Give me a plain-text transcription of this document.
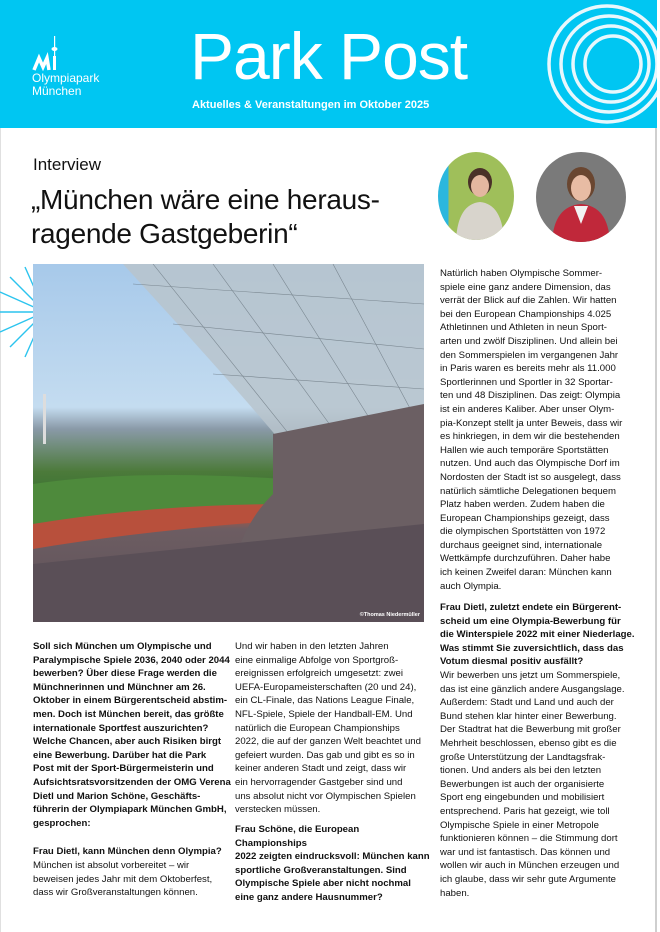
Olympiapark
München Park Post
Aktuelles & Veranstaltungen im Oktober 2025
Interview
„München wäre eine heraus-
ragende Gastgeberin“
©Thomas Niedermüller
Natürlich haben Olympische Sommer-
spiele eine ganz andere Dimension, das
verrät der Blick auf die Zahlen. Wir hatten
bei den European Championships 4.025
Athletinnen und Athleten in neun Sport-
arten und zwölf Disziplinen. Und allein bei
den Sommerspielen im vergangenen Jahr
in Paris waren es bereits mehr als 11.000
Sportlerinnen und Sportler in 32 Sportar-
ten und 48 Disziplinen. Das zeigt: Olympia
ist ein anderes Kaliber. Aber unser Olym-
pia-Konzept stellt ja unter Beweis, dass wir
es hinkriegen, in dem wir die bestehenden
Hallen wie auch temporäre Sportstätten
nutzen. Und auch das Olympische Dorf im
Nordosten der Stadt ist so ausgelegt, dass
natürlich sämtliche Delegationen bequem
Platz haben werden. Zudem haben die
European Championships gezeigt, dass
die olympischen Sportstätten von 1972
durchaus geeignet sind, internationale
Wettkämpfe durchzuführen. Daher habe
ich keinen Zweifel daran: München kann
auch Olympia.
Frau Dietl, zuletzt endete ein Bürgerent-
scheid um eine Olympia-Bewerbung für
die Winterspiele 2022 mit einer Niederlage.
Was stimmt Sie zuversichtlich, dass das
Votum diesmal positiv ausfällt?
Wir bewerben uns jetzt um Sommerspiele,
das ist eine gänzlich andere Ausgangslage.
Außerdem: Stadt und Land und auch der
Bund stehen klar hinter einer Bewerbung.
Der Stadtrat hat die Bewerbung mit großer
Mehrheit beschlossen, ebenso gibt es die
große Unterstützung der Landtagsfrak-
tionen. Und anders als bei den letzten
Bewerbungen ist auch der organisierte
Sport eng eingebunden und mobilisiert
entsprechend. Paris hat gezeigt, wie toll
Olympische Spiele in einer Metropole
funktionieren können – die Stimmung dort
war und ist fantastisch. Das können und
wollen wir auch in München erzeugen und
ich glaube, dass wir sehr gute Argumente
haben.
Soll sich München um Olympische und
Paralympische Spiele 2036, 2040 oder 2044
bewerben? Über diese Frage werden die
Münchnerinnen und Münchner am 26.
Oktober in einem Bürgerentscheid abstim-
men. Doch ist München bereit, das größte
internationale Sportfest auszurichten?
Welche Chancen, aber auch Risiken birgt
eine Bewerbung. Darüber hat die Park
Post mit der Sport-Bürgermeisterin und
Aufsichtsratsvorsitzenden der OMG Verena
Dietl und Marion Schöne, Geschäfts-
führerin der Olympiapark München GmbH,
gesprochen:
Frau Dietl, kann München denn Olympia?
München ist absolut vorbereitet – wir
beweisen jedes Jahr mit dem Oktoberfest,
dass wir Großveranstaltungen können.
Und wir haben in den letzten Jahren
eine einmalige Abfolge von Sportgroß-
ereignissen erfolgreich umgesetzt: zwei
UEFA-Europameisterschaften (20 und 24),
ein CL-Finale, das Nations League Finale,
NFL-Spiele, Spiele der Handball-EM. Und
natürlich die European Championships
2022, die auf der ganzen Welt beachtet und
gefeiert wurden. Das gab und gibt es so in
keiner anderen Stadt und zeigt, dass wir
ein hervorragender Gastgeber sind und
uns absolut nicht vor Olympischen Spielen
verstecken müssen.
Frau Schöne, die European Championships
2022 zeigten eindrucksvoll: München kann
sportliche Großveranstaltungen. Sind
Olympische Spiele aber nicht nochmal
eine ganz andere Hausnummer?
